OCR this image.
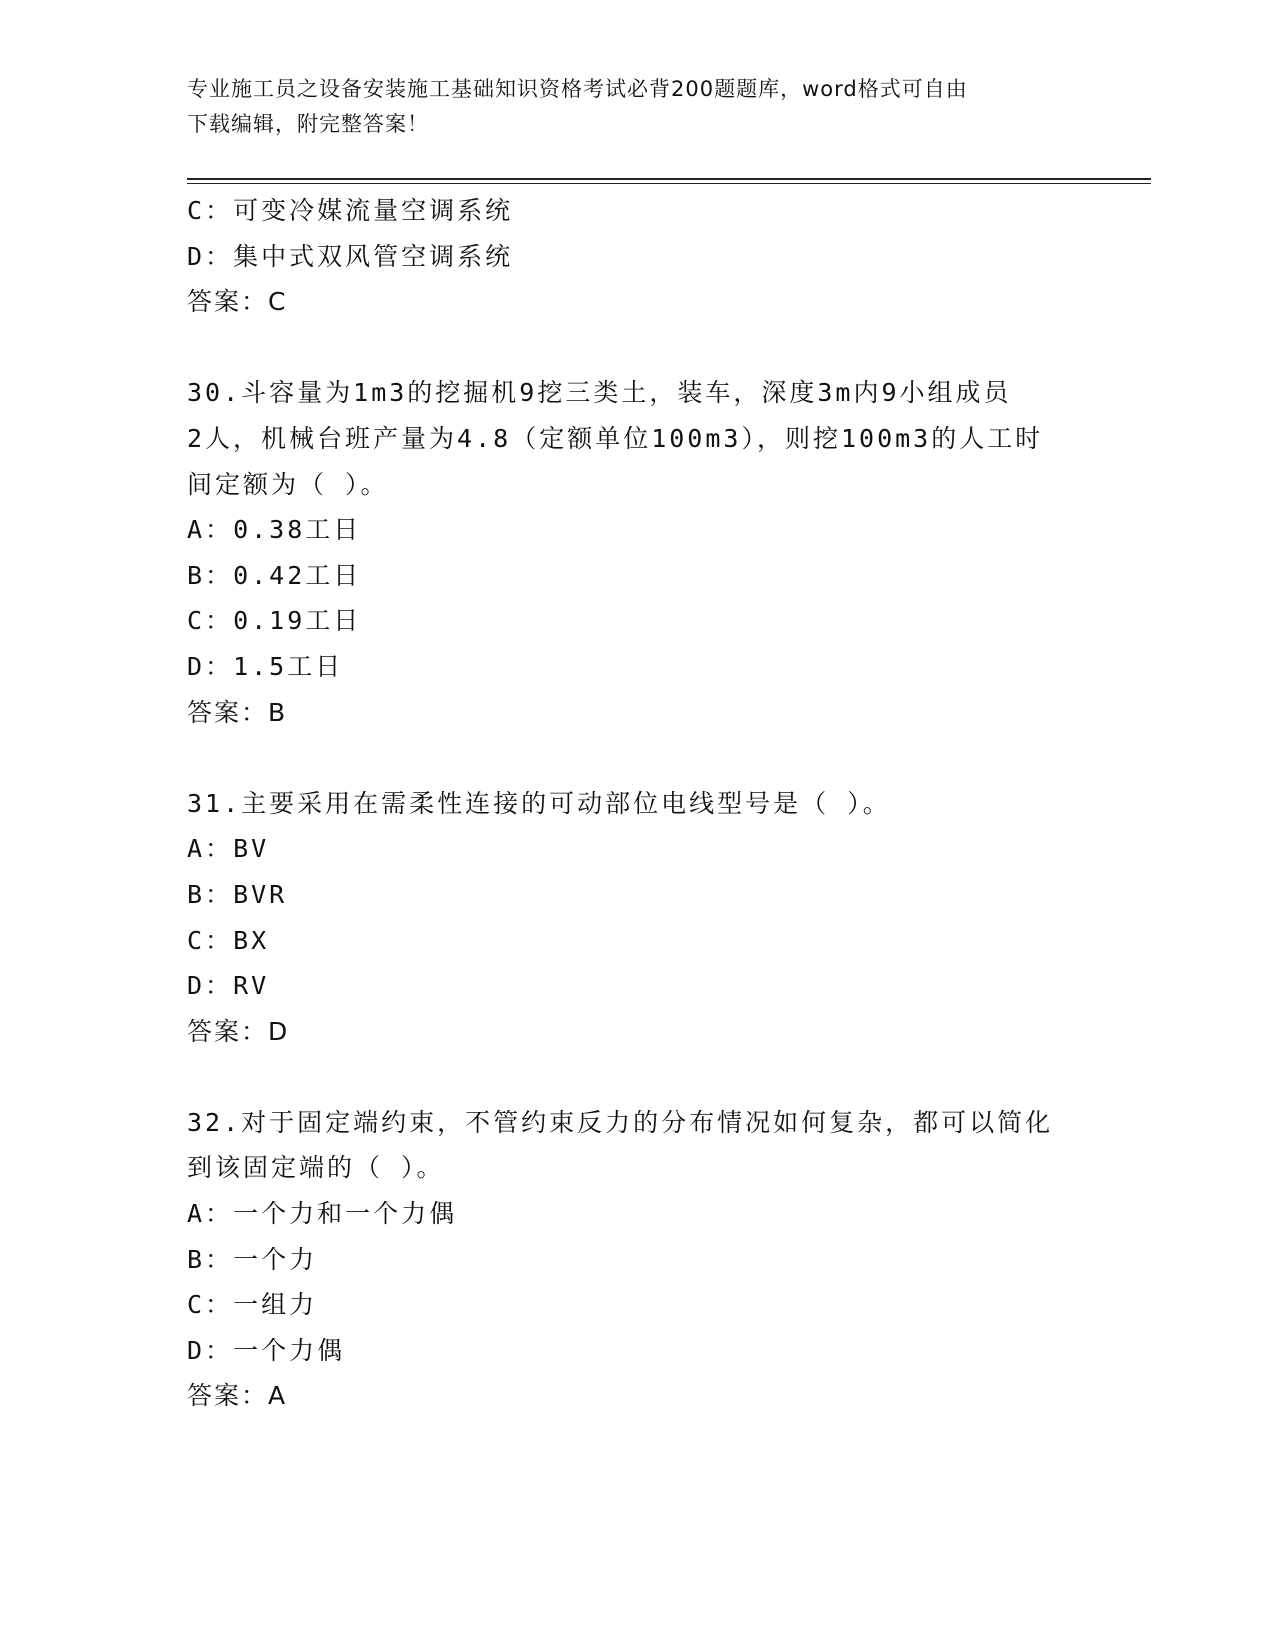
专业施工员之设备安装施工基础知识资格考试必背200题题库，word格式可自由
下载编辑，附完整答案！
C：可变冷媒流量空调系统
D：集中式双风管空调系统
答案：C
30.斗容量为1m3的挖掘机9挖三类土，装车，深度3m内9小组成员
2人，机械台班产量为4.8（定额单位100m3），则挖100m3的人工时
间定额为（ ）。
A：0.38工日
B：0.42工日
C：0.19工日
D：1.5工日
答案：B
31.主要采用在需柔性连接的可动部位电线型号是（ ）。
A：BV
B：BVR
C：BX
D：RV
答案：D
32.对于固定端约束，不管约束反力的分布情况如何复杂，都可以简化
到该固定端的（ ）。
A：一个力和一个力偶
B：一个力
C：一组力
D：一个力偶
答案：A
